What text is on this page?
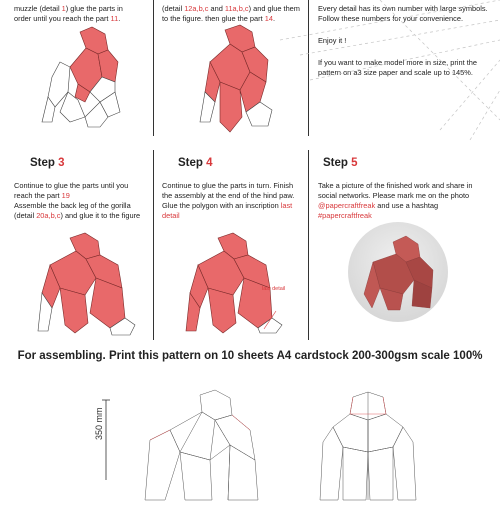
muzzle (detail 1) glue the parts in
order until you reach the part 11.
(detail 12a,b,c and 11a,b,c) and glue them
to the figure. then glue the part 14.
Every detail has its own number with large symbols.
Follow these numbers for your convenience.
Enjoy it !
If you want to make model more in size, print the
pattern on a3 size paper and scale up to 145%.
Step 3
Continue to glue the parts until you
reach the part 19
Assemble the back leg of the gorilla
(detail 20a,b,c) and glue it to the figure
Step 4
Continue to glue the parts in turn. Finish
the assembly at the end of the hind paw.
Glue the polygon with an inscription last
detail
Step 5
Take a picture of the finished work and share in
social networks. Please mark me on the photo
@papercraftfreak and use a hashtag
#papercraftfreak
last detail
For assembling. Print this pattern on 10 sheets A4 cardstock 200-300gsm scale 100%
350 mm
